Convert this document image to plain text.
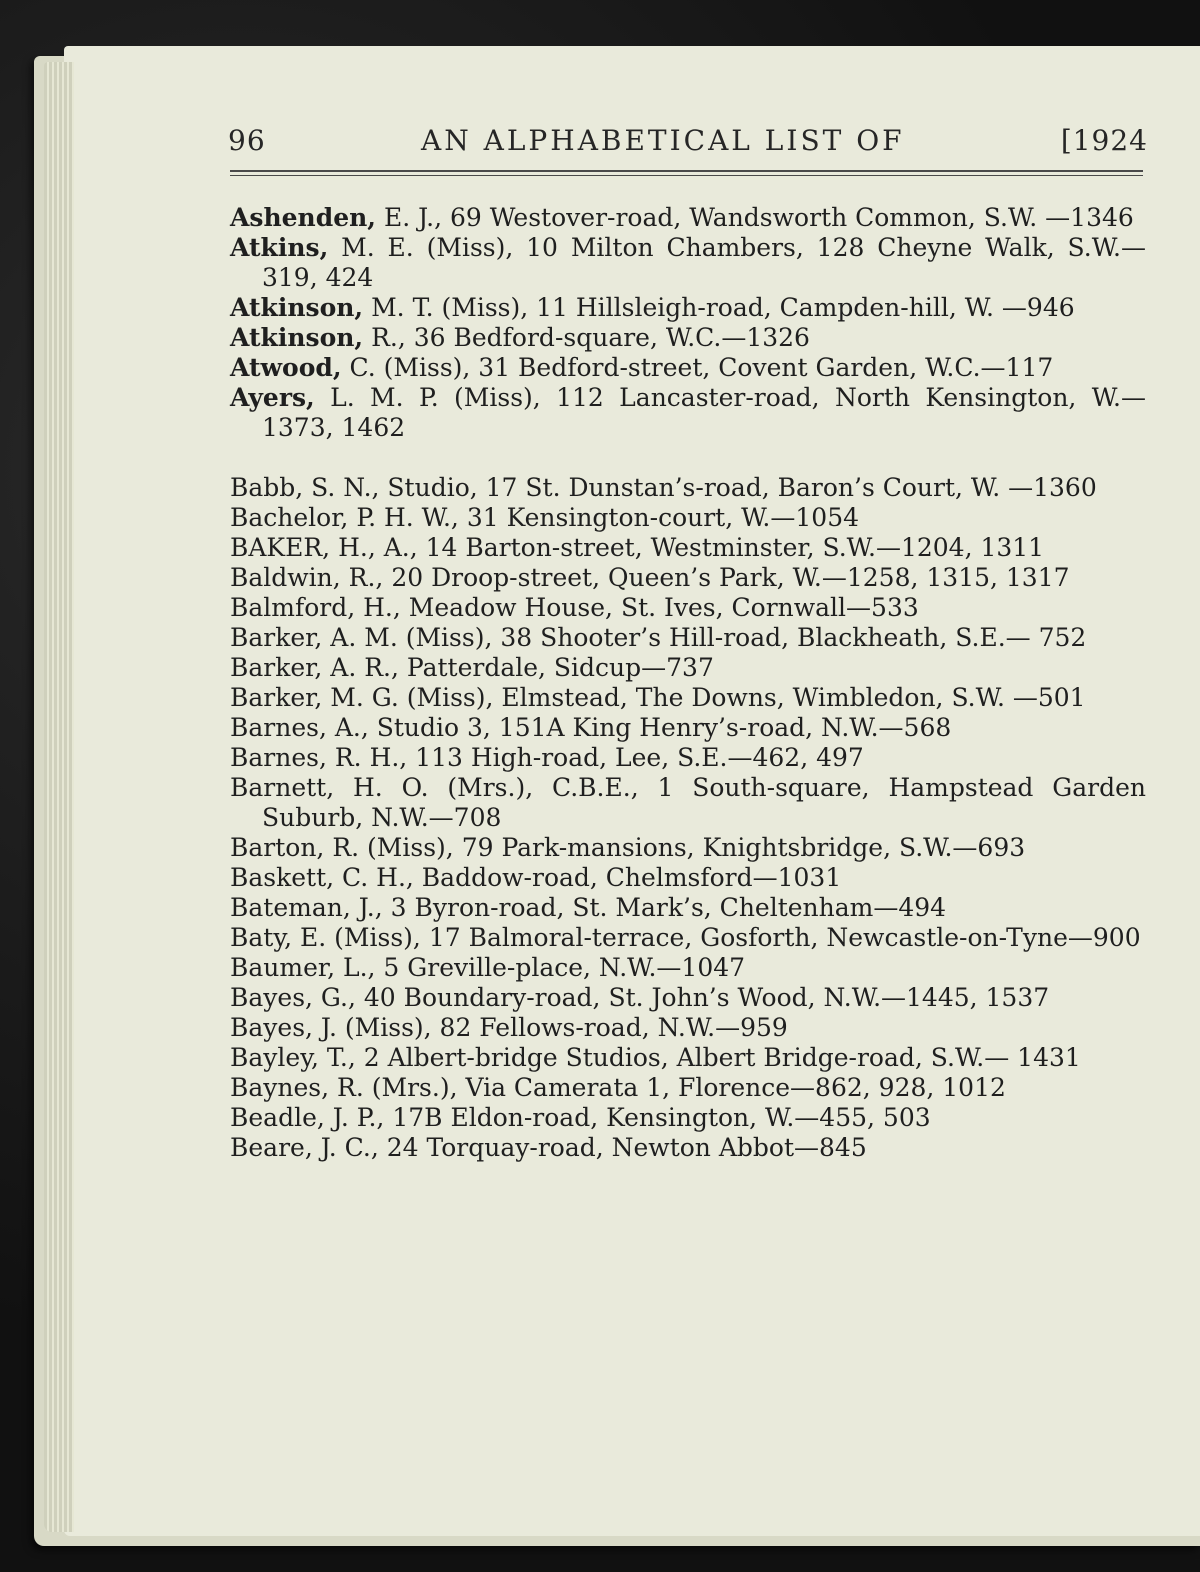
96	AN ALPHABETICAL LIST OF	[1924
Ashenden, E. J., 69 Westover-road, Wandsworth Common, S.W. —1346
Atkins, M. E. (Miss), 10 Milton Chambers, 128 Cheyne Walk, S.W.—319, 424
Atkinson, M. T. (Miss), 11 Hillsleigh-road, Campden-hill, W. —946
Atkinson, R., 36 Bedford-square, W.C.—1326
Atwood, C. (Miss), 31 Bedford-street, Covent Garden, W.C.—117
Ayers, L. M. P. (Miss), 112 Lancaster-road, North Kensington, W.—1373, 1462
Babb, S. N., Studio, 17 St. Dunstan’s-road, Baron’s Court, W. —1360
Bachelor, P. H. W., 31 Kensington-court, W.—1054
BAKER, H., A., 14 Barton-street, Westminster, S.W.—1204, 1311
Baldwin, R., 20 Droop-street, Queen’s Park, W.—1258, 1315, 1317
Balmford, H., Meadow House, St. Ives, Cornwall—533
Barker, A. M. (Miss), 38 Shooter’s Hill-road, Blackheath, S.E.— 752
Barker, A. R., Patterdale, Sidcup—737
Barker, M. G. (Miss), Elmstead, The Downs, Wimbledon, S.W. —501
Barnes, A., Studio 3, 151A King Henry’s-road, N.W.—568
Barnes, R. H., 113 High-road, Lee, S.E.—462, 497
Barnett, H. O. (Mrs.), C.B.E., 1 South-square, Hampstead Garden Suburb, N.W.—708
Barton, R. (Miss), 79 Park-mansions, Knightsbridge, S.W.—693
Baskett, C. H., Baddow-road, Chelmsford—1031
Bateman, J., 3 Byron-road, St. Mark’s, Cheltenham—494
Baty, E. (Miss), 17 Balmoral-terrace, Gosforth, Newcastle-on-Tyne—900
Baumer, L., 5 Greville-place, N.W.—1047
Bayes, G., 40 Boundary-road, St. John’s Wood, N.W.—1445, 1537
Bayes, J. (Miss), 82 Fellows-road, N.W.—959
Bayley, T., 2 Albert-bridge Studios, Albert Bridge-road, S.W.— 1431
Baynes, R. (Mrs.), Via Camerata 1, Florence—862, 928, 1012
Beadle, J. P., 17B Eldon-road, Kensington, W.—455, 503
Beare, J. C., 24 Torquay-road, Newton Abbot—845
